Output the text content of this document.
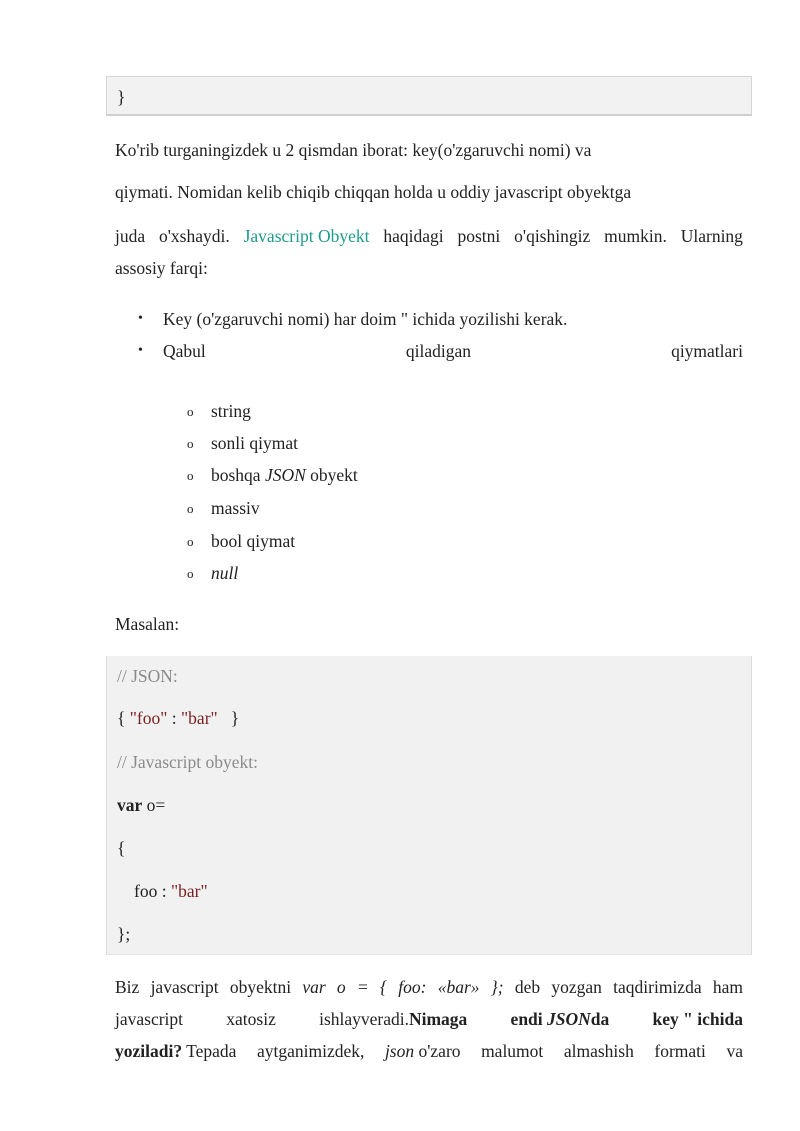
}
Ko'rib turganingizdek u 2 qismdan iborat: key(o'zgaruvchi nomi) va
qiymati. Nomidan kelib chiqib chiqqan holda u oddiy javascript obyektga
juda o'xshaydi. Javascript Obyekt haqidagi postni o'qishingiz mumkin. Ularning
assosiy farqi:
• Key (o'zgaruvchi nomi) har doim " ichida yozilishi kerak.
• Qabul	qiladigan	qiymatlari
o string
o sonli qiymat
o boshqa JSON obyekt
o massiv
o bool qiymat
o null
Masalan:
// JSON:
{ "foo" : "bar" }
// Javascript obyekt:
var o=
{
foo : "bar"
};
Biz javascript obyektni var o = { foo: «bar» }; deb yozgan taqdirimizda ham
javascript xatosiz ishlayveradi.Nimaga endi JSONda key " ichida
yoziladi? Tepada aytganimizdek, json o'zaro malumot almashish formati va
